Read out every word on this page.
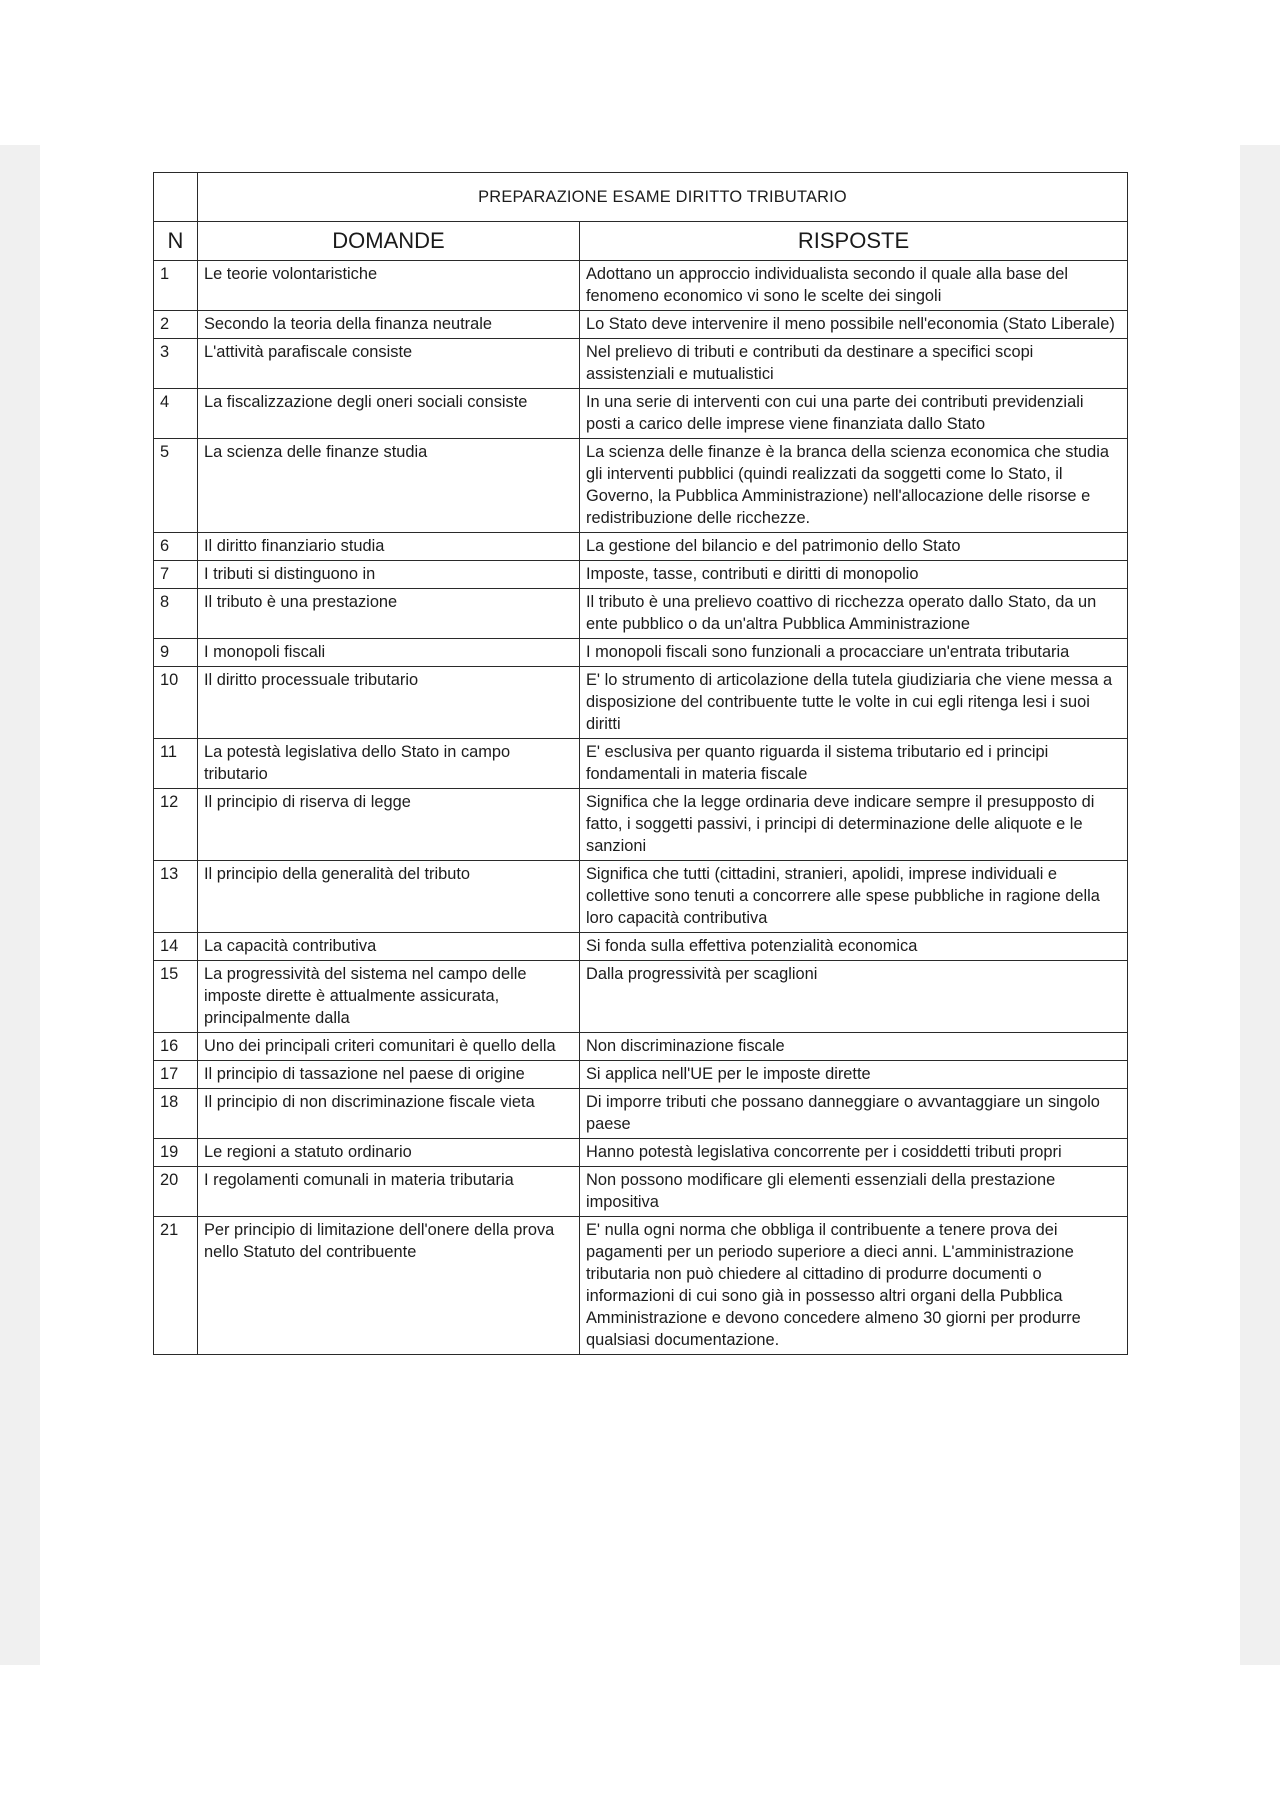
	PREPARAZIONE ESAME DIRITTO TRIBUTARIO	
N	DOMANDE	RISPOSTE
1	Le teorie volontaristiche	Adottano un approccio individualista secondo il quale alla base del fenomeno economico vi sono le scelte dei singoli
2	Secondo la teoria della finanza neutrale	Lo Stato deve intervenire il meno possibile nell'economia (Stato Liberale)
3	L'attività parafiscale consiste	Nel prelievo di tributi e contributi da destinare a specifici scopi assistenziali e mutualistici
4	La fiscalizzazione degli oneri sociali consiste	In una serie di interventi con cui una parte dei contributi previdenziali posti a carico delle imprese viene finanziata dallo Stato
5	La scienza delle finanze studia	La scienza delle finanze è la branca della scienza economica che studia gli interventi pubblici (quindi realizzati da soggetti come lo Stato, il Governo, la Pubblica Amministrazione) nell'allocazione delle risorse e redistribuzione delle ricchezze.
6	Il diritto finanziario studia	La gestione del bilancio e del patrimonio dello Stato
7	I tributi si distinguono in	Imposte, tasse, contributi e diritti di monopolio
8	Il tributo è una prestazione	Il tributo è una prelievo coattivo di ricchezza operato dallo Stato, da un ente pubblico o da un'altra Pubblica Amministrazione
9	I monopoli fiscali	I monopoli fiscali sono funzionali a procacciare un'entrata tributaria
10	Il diritto processuale tributario	E' lo strumento di articolazione della tutela giudiziaria che viene messa a disposizione del contribuente tutte le volte in cui egli ritenga lesi i suoi diritti
11	La potestà legislativa dello Stato in campo tributario	E' esclusiva per quanto riguarda il sistema tributario ed i principi fondamentali in materia fiscale
12	Il principio di riserva di legge	Significa che la legge ordinaria deve indicare sempre il presupposto di fatto, i soggetti passivi, i principi di determinazione delle aliquote e le sanzioni
13	Il principio della generalità del tributo	Significa che tutti (cittadini, stranieri, apolidi, imprese individuali e collettive sono tenuti a concorrere alle spese pubbliche in ragione della loro capacità contributiva
14	La capacità contributiva	Si fonda sulla effettiva potenzialità economica
15	La progressività del sistema nel campo delle imposte dirette è attualmente assicurata, principalmente dalla	Dalla progressività per scaglioni
16	Uno dei principali criteri comunitari è quello della	Non discriminazione fiscale
17	Il principio di tassazione nel paese di origine	Si applica nell'UE per le imposte dirette
18	Il principio di non discriminazione fiscale vieta	Di imporre tributi che possano danneggiare o avvantaggiare un singolo paese
19	Le regioni a statuto ordinario	Hanno potestà legislativa concorrente per i cosiddetti tributi propri
20	I regolamenti comunali in materia tributaria	Non possono modificare gli elementi essenziali della prestazione impositiva
21	Per principio di limitazione dell'onere della prova nello Statuto del contribuente	E' nulla ogni norma che obbliga il contribuente a tenere prova dei pagamenti per un periodo superiore a dieci anni. L'amministrazione tributaria non può chiedere al cittadino di produrre documenti o informazioni di cui sono già in possesso altri organi della Pubblica Amministrazione e devono concedere almeno 30 giorni per produrre qualsiasi documentazione.
